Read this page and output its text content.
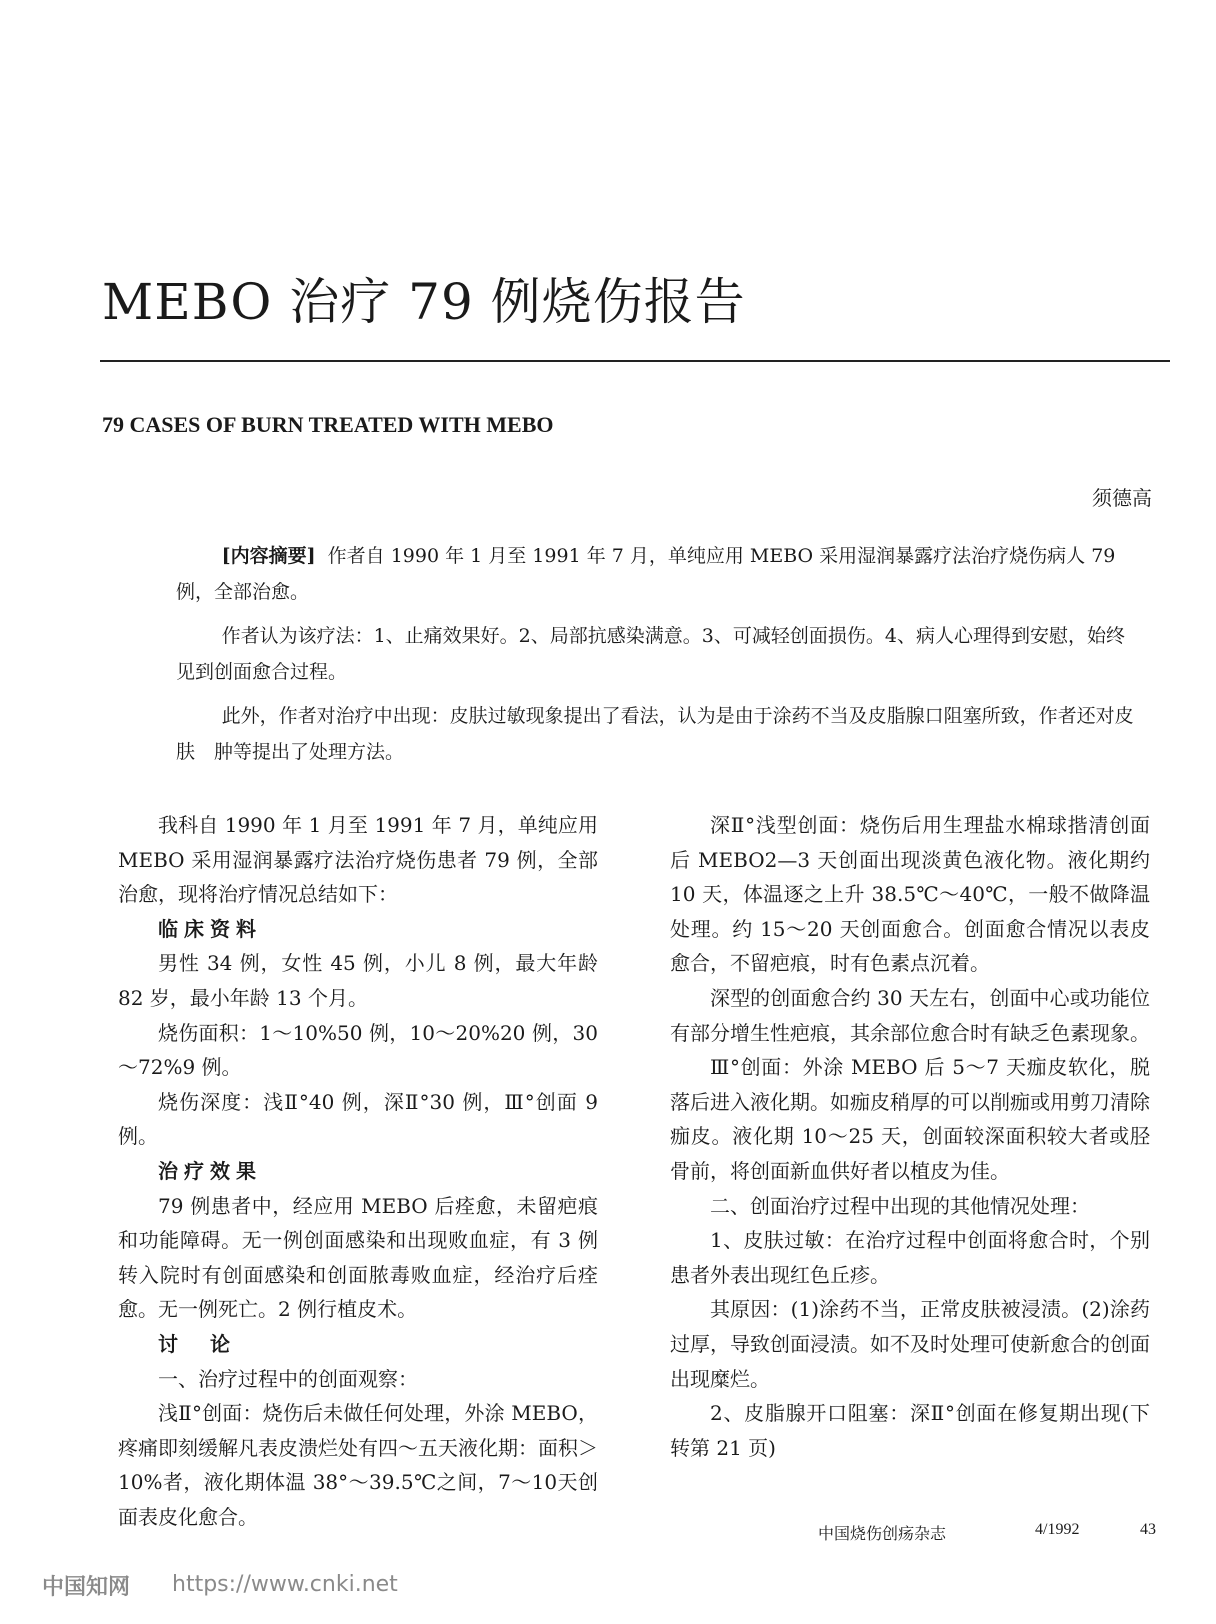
MEBO 治疗 79 例烧伤报告
79 CASES OF BURN TREATED WITH MEBO
须德高

[内容摘要] 作者自 1990 年 1 月至 1991 年 7 月，单纯应用 MEBO 采用湿润暴露疗法治疗烧伤病人 79 例，全部治愈。

作者认为该疗法：1、止痛效果好。2、局部抗感染满意。3、可减轻创面损伤。4、病人心理得到安慰，始终见到创面愈合过程。

此外，作者对治疗中出现：皮肤过敏现象提出了看法，认为是由于涂药不当及皮脂腺口阻塞所致，作者还对皮肤　肿等提出了处理方法。

我科自 1990 年 1 月至 1991 年 7 月，单纯应用 MEBO 采用湿润暴露疗法治疗烧伤患者 79 例，全部治愈，现将治疗情况总结如下：

临床资料

男性 34 例，女性 45 例，小儿 8 例，最大年龄 82 岁，最小年龄 13 个月。

烧伤面积：1～10%50 例，10～20%20 例，30～72%9 例。

烧伤深度：浅Ⅱ°40 例，深Ⅱ°30 例，Ⅲ°创面 9 例。

治疗效果

79 例患者中，经应用 MEBO 后痊愈，未留疤痕和功能障碍。无一例创面感染和出现败血症，有 3 例转入院时有创面感染和创面脓毒败血症，经治疗后痊愈。无一例死亡。2 例行植皮术。

讨　论

一、治疗过程中的创面观察：

浅Ⅱ°创面：烧伤后未做任何处理，外涂 MEBO，疼痛即刻缓解凡表皮溃烂处有四～五天液化期：面积＞10%者，液化期体温 38°～39.5℃之间，7～10天创面表皮化愈合。

深Ⅱ°浅型创面：烧伤后用生理盐水棉球揩清创面后 MEBO2—3 天创面出现淡黄色液化物。液化期约 10 天，体温逐之上升 38.5℃～40℃，一般不做降温处理。约 15～20 天创面愈合。创面愈合情况以表皮愈合，不留疤痕，时有色素点沉着。

深型的创面愈合约 30 天左右，创面中心或功能位有部分增生性疤痕，其余部位愈合时有缺乏色素现象。

Ⅲ°创面：外涂 MEBO 后 5～7 天痂皮软化，脱落后进入液化期。如痂皮稍厚的可以削痂或用剪刀清除痂皮。液化期 10～25 天，创面较深面积较大者或胫骨前，将创面新血供好者以植皮为佳。

二、创面治疗过程中出现的其他情况处理：

1、皮肤过敏：在治疗过程中创面将愈合时，个别患者外表出现红色丘疹。

其原因：(1)涂药不当，正常皮肤被浸渍。(2)涂药过厚，导致创面浸渍。如不及时处理可使新愈合的创面出现糜烂。

2、皮脂腺开口阻塞：深Ⅱ°创面在修复期出现(下转第 21 页)

中国烧伤创疡杂志	4/1992	43
中国知网 https://www.cnki.net
